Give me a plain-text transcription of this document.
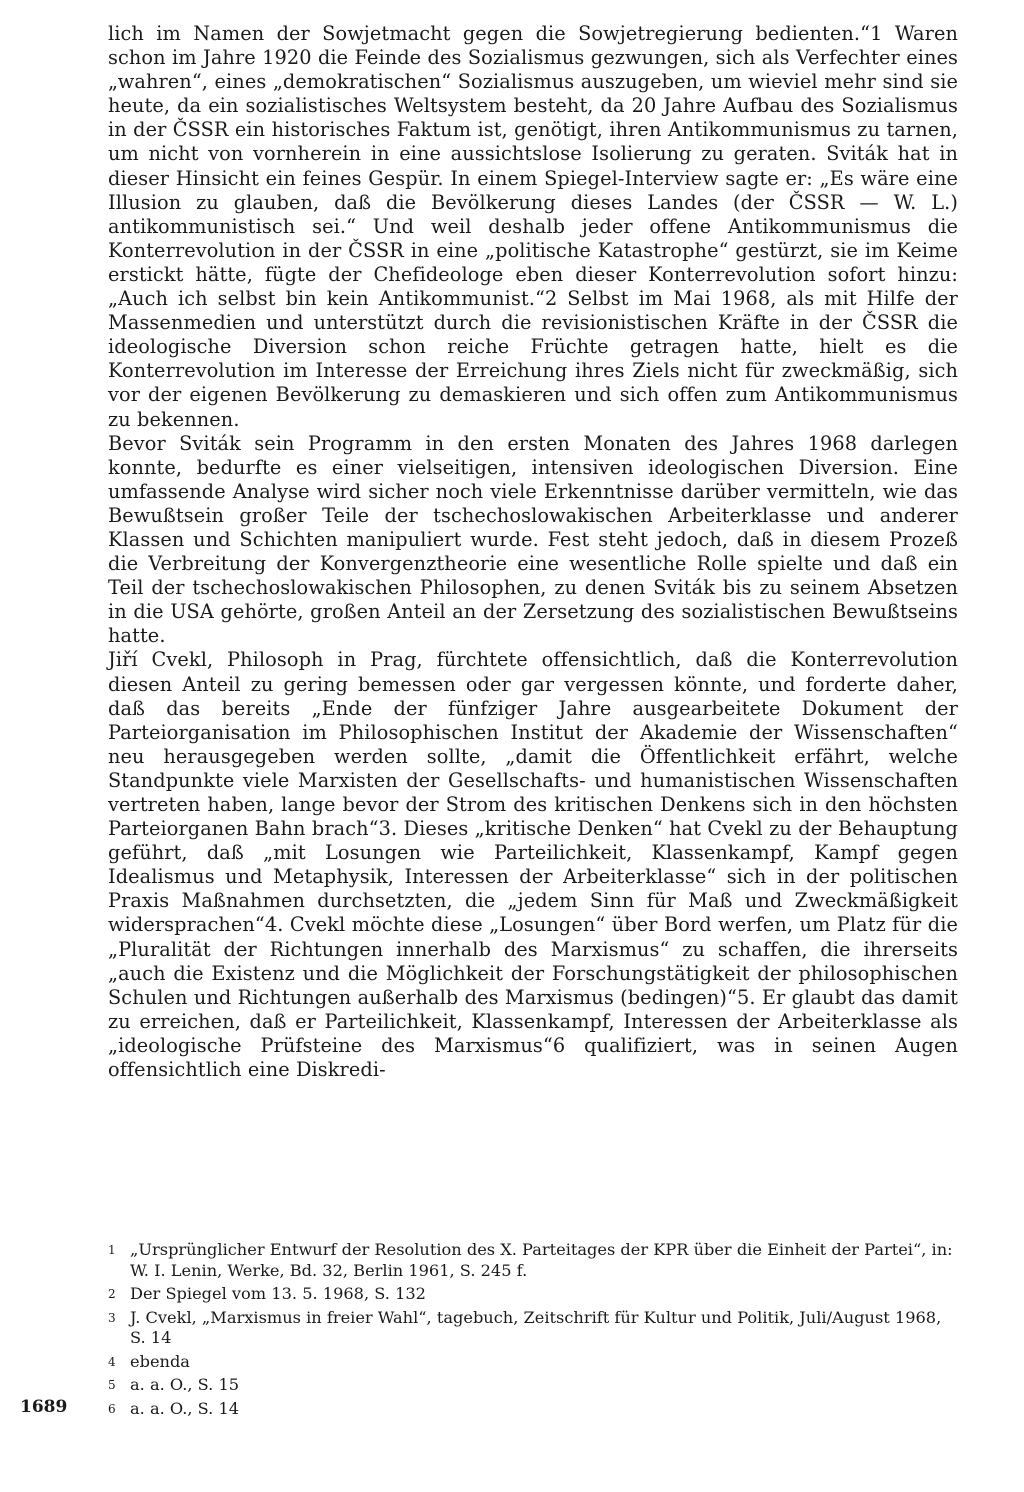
lich im Namen der Sowjetmacht gegen die Sowjetregierung bedienten.“1 Waren schon im Jahre 1920 die Feinde des Sozialismus gezwungen, sich als Verfechter eines „wahren“, eines „demokratischen“ Sozialismus auszugeben, um wieviel mehr sind sie heute, da ein sozialistisches Weltsystem besteht, da 20 Jahre Aufbau des Sozialismus in der ČSSR ein historisches Faktum ist, genötigt, ihren Antikommunismus zu tarnen, um nicht von vornherein in eine aussichtslose Isolierung zu geraten. Sviták hat in dieser Hinsicht ein feines Gespür. In einem Spiegel-Interview sagte er: „Es wäre eine Illusion zu glauben, daß die Bevölkerung dieses Landes (der ČSSR — W. L.) antikommunistisch sei.“ Und weil deshalb jeder offene Antikommunismus die Konterrevolution in der ČSSR in eine „politische Katastrophe“ gestürzt, sie im Keime erstickt hätte, fügte der Chefideologe eben dieser Konterrevolution sofort hinzu: „Auch ich selbst bin kein Antikommunist.“2 Selbst im Mai 1968, als mit Hilfe der Massenmedien und unterstützt durch die revisionistischen Kräfte in der ČSSR die ideologische Diversion schon reiche Früchte getragen hatte, hielt es die Konterrevolution im Interesse der Erreichung ihres Ziels nicht für zweckmäßig, sich vor der eigenen Bevölkerung zu demaskieren und sich offen zum Antikommunismus zu bekennen.

Bevor Sviták sein Programm in den ersten Monaten des Jahres 1968 darlegen konnte, bedurfte es einer vielseitigen, intensiven ideologischen Diversion. Eine umfassende Analyse wird sicher noch viele Erkenntnisse darüber vermitteln, wie das Bewußtsein großer Teile der tschechoslowakischen Arbeiterklasse und anderer Klassen und Schichten manipuliert wurde. Fest steht jedoch, daß in diesem Prozeß die Verbreitung der Konvergenztheorie eine wesentliche Rolle spielte und daß ein Teil der tschechoslowakischen Philosophen, zu denen Sviták bis zu seinem Absetzen in die USA gehörte, großen Anteil an der Zersetzung des sozialistischen Bewußtseins hatte.

Jiří Cvekl, Philosoph in Prag, fürchtete offensichtlich, daß die Konterrevolution diesen Anteil zu gering bemessen oder gar vergessen könnte, und forderte daher, daß das bereits „Ende der fünfziger Jahre ausgearbeitete Dokument der Parteiorganisation im Philosophischen Institut der Akademie der Wissenschaften“ neu herausgegeben werden sollte, „damit die Öffentlichkeit erfährt, welche Standpunkte viele Marxisten der Gesellschafts- und humanistischen Wissenschaften vertreten haben, lange bevor der Strom des kritischen Denkens sich in den höchsten Parteiorganen Bahn brach“3. Dieses „kritische Denken“ hat Cvekl zu der Behauptung geführt, daß „mit Losungen wie Parteilichkeit, Klassenkampf, Kampf gegen Idealismus und Metaphysik, Interessen der Arbeiterklasse“ sich in der politischen Praxis Maßnahmen durchsetzten, die „jedem Sinn für Maß und Zweckmäßigkeit widersprachen“4. Cvekl möchte diese „Losungen“ über Bord werfen, um Platz für die „Pluralität der Richtungen innerhalb des Marxismus“ zu schaffen, die ihrerseits „auch die Existenz und die Möglichkeit der Forschungstätigkeit der philosophischen Schulen und Richtungen außerhalb des Marxismus (bedingen)“5. Er glaubt das damit zu erreichen, daß er Parteilichkeit, Klassenkampf, Interessen der Arbeiterklasse als „ideologische Prüfsteine des Marxismus“6 qualifiziert, was in seinen Augen offensichtlich eine Diskredi-

1 „Ursprünglicher Entwurf der Resolution des X. Parteitages der KPR über die Einheit der Partei“, in: W. I. Lenin, Werke, Bd. 32, Berlin 1961, S. 245 f.
2 Der Spiegel vom 13. 5. 1968, S. 132
3 J. Cvekl, „Marxismus in freier Wahl“, tagebuch, Zeitschrift für Kultur und Politik, Juli/August 1968, S. 14
4 ebenda
5 a. a. O., S. 15
6 a. a. O., S. 14
1689
